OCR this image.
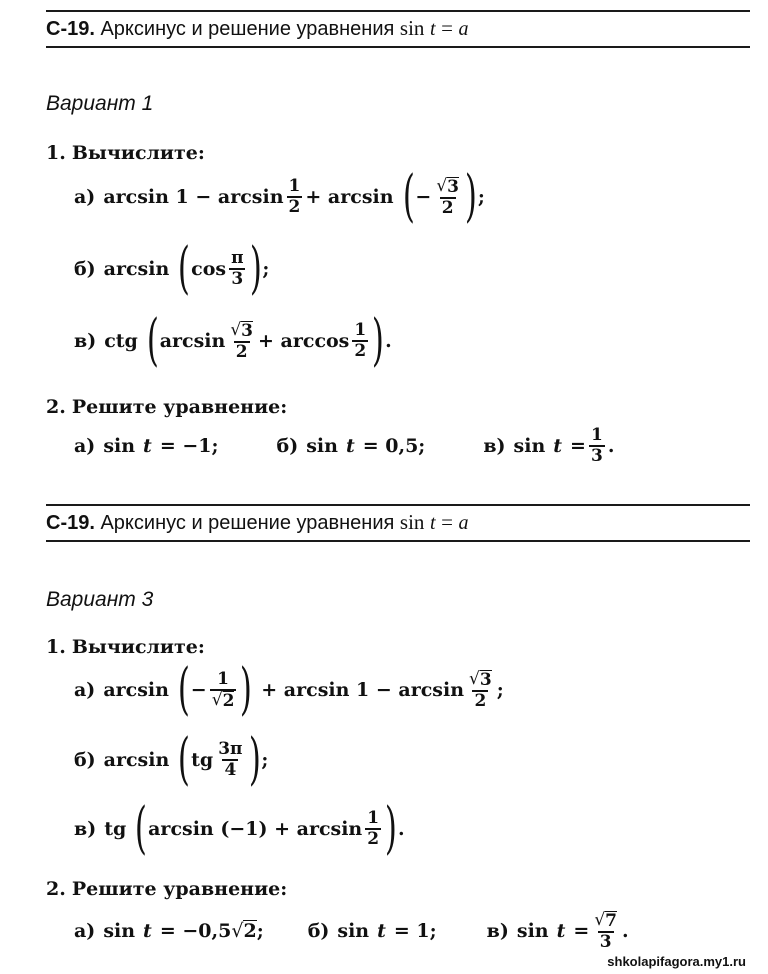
С-19. Арксинус и решение уравнения sin t = a
Вариант 1
1. Вычислите:
а) $\arcsin 1 - \arcsin \frac{1}{2} + \arcsin$ ( − $\frac{√ 3}{2}$ ) ;
б) arcsin ( $\cos \frac{\pi}{3}$ ) ;
в) ctg ( $\arcsin \frac{√ 3}{2} + \arccos \frac{1}{2}$ ) .
2. Решите уравнение:
а) sin t = −1;	б) sin t = 0,5;	в) $\sin t = \frac{1}{3}$ .
С-19. Арксинус и решение уравнения sin t = a
Вариант 3
1. Вычислите:
а) arcsin ( − $\frac{1}{√ 2}$ ) + $\arcsin 1 - \arcsin \frac{√ 3}{2}$ ;
б) arcsin ( tg $\frac{3\pi}{4}$ ) ;
в) tg ( $\arcsin (-1) + \arcsin \frac{1}{2}$ ) .
2. Решите уравнение:
а) sin t = −0,5 √ 2 ; б) sin t = 1;	в) $\sin t = \frac{√ 7}{3}$ .
shkolapifagora.my1.ru
